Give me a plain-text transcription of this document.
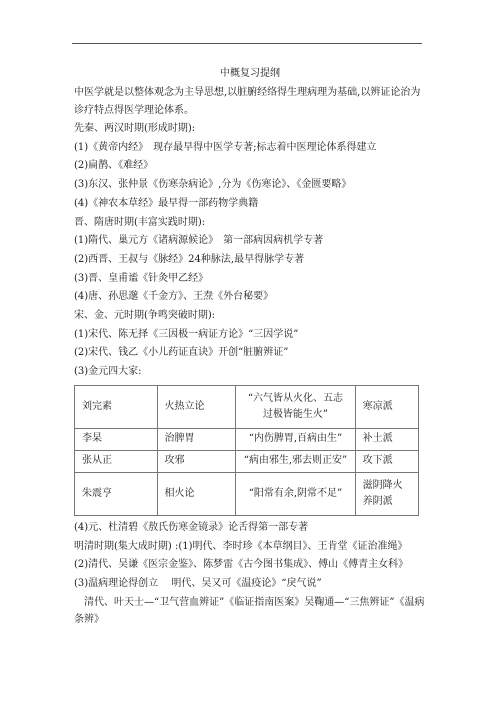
中概复习提纲

中医学就是以整体观念为主导思想,以脏腑经络得生理病理为基础,以辨证论治为诊疗特点得医学理论体系。

先秦、两汉时期(形成时期):

(1)《黄帝内经》　现存最早得中医学专著;标志着中医理论体系得建立

(2)扁鹊、《难经》

(3)东汉、张仲景《伤寒杂病论》,分为《伤寒论》、《金匮要略》

(4)《神农本草经》最早得一部药物学典籍

晋、隋唐时期(丰富实践时期):

(1)隋代、巢元方《诸病源候论》　第一部病因病机学专著

(2)西晋、王叔与《脉经》24种脉法,最早得脉学专著

(3)晋、皇甫谧《针灸甲乙经》

(4)唐、孙思邈《千金方》、王焘《外台秘要》

宋、金、元时期(争鸣突破时期):

(1)宋代、陈无择《三因极一病证方论》“三因学说”

(2)宋代、钱乙《小儿药证直诀》开创“脏腑辨证”

(3)金元四大家:

刘完素	火热立论	“六气皆从火化、五志过极皆能生火”	寒凉派
李杲	治脾胃	“内伤脾胃,百病由生”	补土派
张从正	攻邪	“病由邪生,邪去则正安”	攻下派
朱震亨	相火论	“阳常有余,阴常不足”	滋阴降火
养阴派

(4)元、杜清碧《敖氏伤寒金镜录》论舌得第一部专著

明清时期(集大成时期) :(1)明代、李时珍《本草纲目》、王肯堂《证治准绳》

(2)清代、吴谦《医宗金鉴》、陈梦雷《古今图书集成》、傅山《傅青主女科》

(3)温病理论得创立　 明代、吴又可《温疫论》“戾气说”

　清代、叶天士—“卫气营血辨证”《临证指南医案》吴鞠通—“三焦辨证”《温病条辨》
